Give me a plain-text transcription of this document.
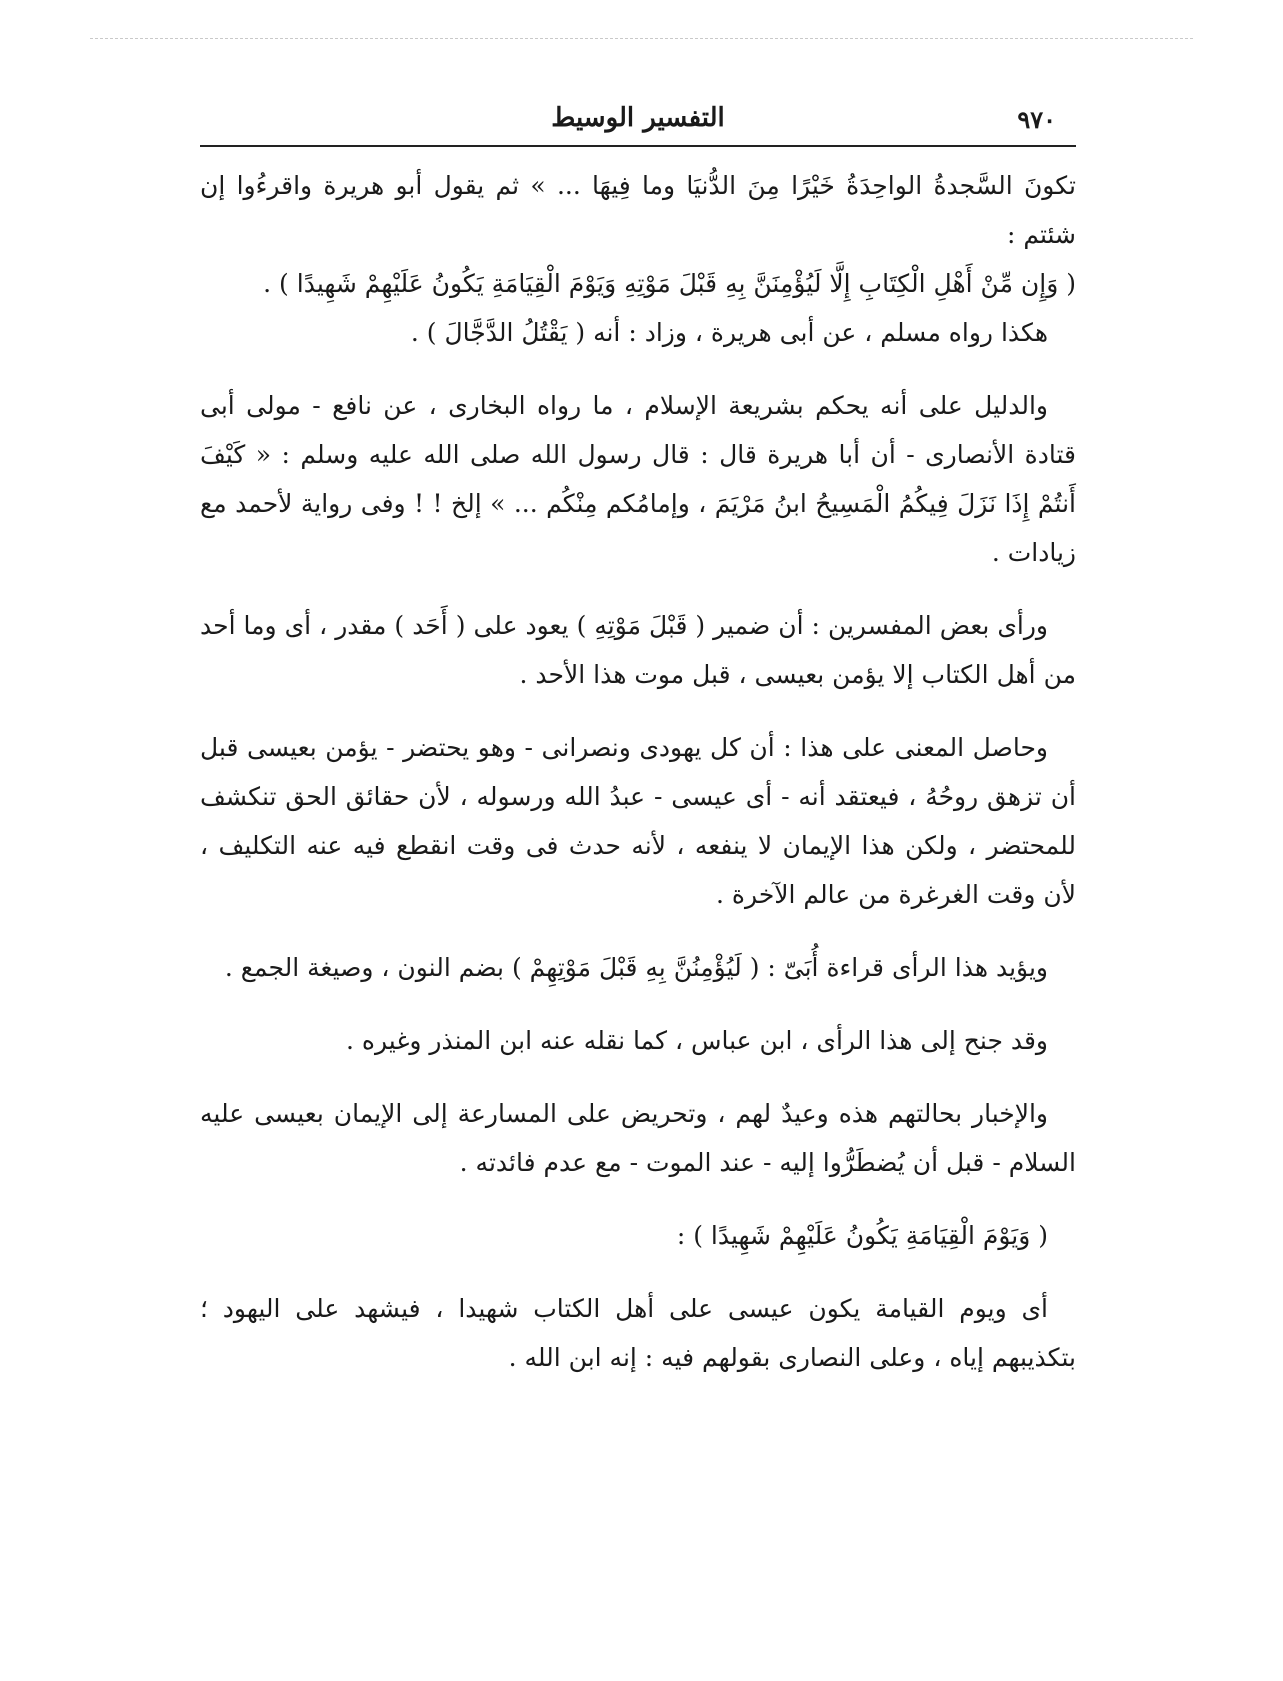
٩٧٠
التفسير الوسيط

تكونَ السَّجدةُ الواحِدَةُ خَيْرًا مِنَ الدُّنيَا وما فِيهَا ... » ثم يقول أبو هريرة واقرءُوا إن شئتم :

( وَإِن مِّنْ أَهْلِ الْكِتَابِ إِلَّا لَيُؤْمِنَنَّ بِهِ قَبْلَ مَوْتِهِ وَيَوْمَ الْقِيَامَةِ يَكُونُ عَلَيْهِمْ شَهِيدًا ) .

هكذا رواه مسلم ، عن أبى هريرة ، وزاد : أنه ( يَقْتُلُ الدَّجَّالَ ) .

والدليل على أنه يحكم بشريعة الإسلام ، ما رواه البخارى ، عن نافع - مولى أبى قتادة الأنصارى - أن أبا هريرة قال : قال رسول الله صلى الله عليه وسلم : « كَيْفَ أَنتُمْ إِذَا نَزَلَ فِيكُمُ الْمَسِيحُ ابنُ مَرْيَمَ ، وإمامُكم مِنْكُم ... » إلخ ! ! وفى رواية لأحمد مع زيادات .

ورأى بعض المفسرين : أن ضمير ( قَبْلَ مَوْتِهِ ) يعود على ( أَحَد ) مقدر ، أى وما أحد من أهل الكتاب إلا يؤمن بعيسى ، قبل موت هذا الأحد .

وحاصل المعنى على هذا : أن كل يهودى ونصرانى - وهو يحتضر - يؤمن بعيسى قبل أن تزهق روحُهُ ، فيعتقد أنه - أى عيسى - عبدُ الله ورسوله ، لأن حقائق الحق تنكشف للمحتضر ، ولكن هذا الإيمان لا ينفعه ، لأنه حدث فى وقت انقطع فيه عنه التكليف ، لأن وقت الغرغرة من عالم الآخرة .

ويؤيد هذا الرأى قراءة أُبَىّ : ( لَيُؤْمِنُنَّ بِهِ قَبْلَ مَوْتِهِمْ ) بضم النون ، وصيغة الجمع .

وقد جنح إلى هذا الرأى ، ابن عباس ، كما نقله عنه ابن المنذر وغيره .

والإخبار بحالتهم هذه وعيدٌ لهم ، وتحريض على المسارعة إلى الإيمان بعيسى عليه السلام - قبل أن يُضطَرُّوا إليه - عند الموت - مع عدم فائدته .

( وَيَوْمَ الْقِيَامَةِ يَكُونُ عَلَيْهِمْ شَهِيدًا ) :

أى ويوم القيامة يكون عيسى على أهل الكتاب شهيدا ، فيشهد على اليهود ؛ بتكذيبهم إياه ، وعلى النصارى بقولهم فيه : إنه ابن الله .
